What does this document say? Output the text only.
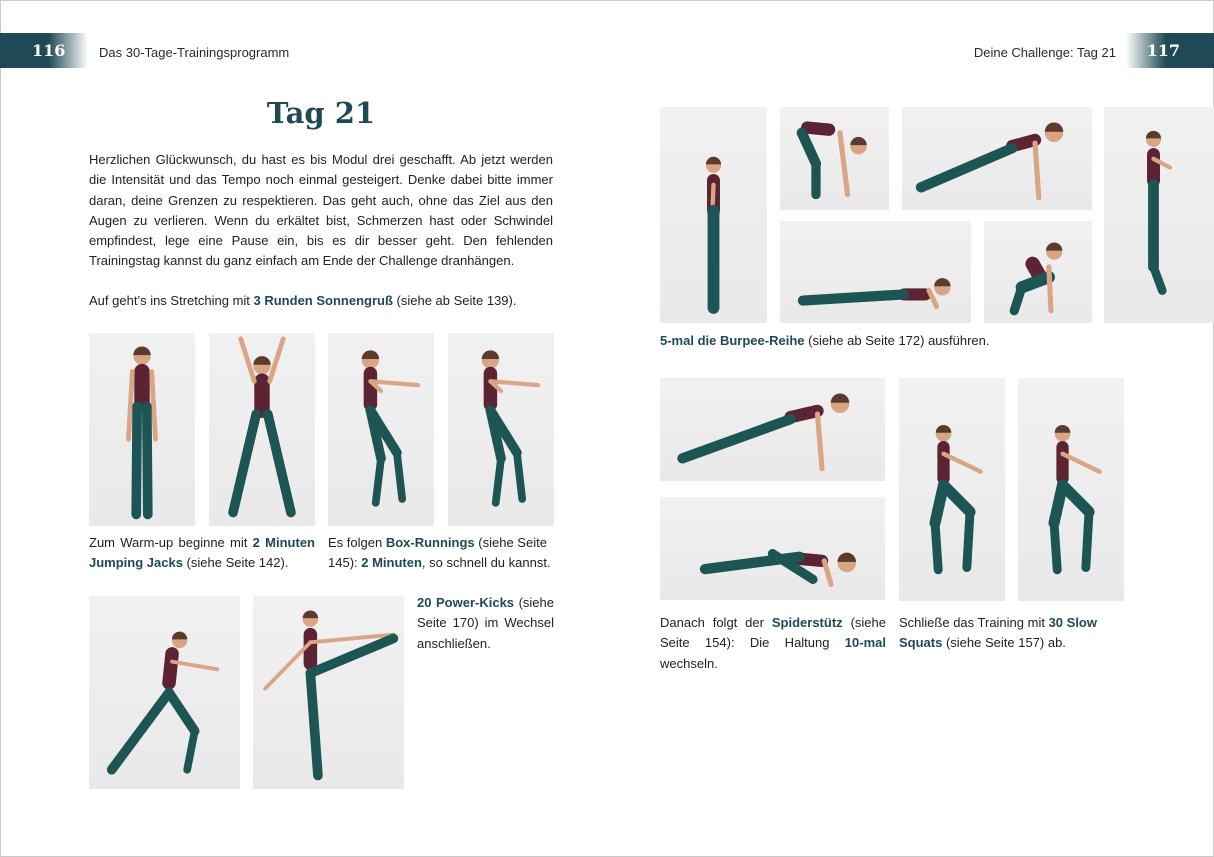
116	Das 30-Tage-Trainingsprogramm	Deine Challenge: Tag 21	117
Tag 21
Herzlichen Glückwunsch, du hast es bis Modul drei geschafft. Ab jetzt werden die Intensität und das Tempo noch einmal gesteigert. Denke dabei bitte immer daran, deine Grenzen zu respektieren. Das geht auch, ohne das Ziel aus den Augen zu verlieren. Wenn du erkältet bist, Schmerzen hast oder Schwindel empfindest, lege eine Pause ein, bis es dir besser geht. Den fehlenden Trainingstag kannst du ganz einfach am Ende der Challenge dranhängen.
Auf geht’s ins Stretching mit 3 Runden Sonnengruß (siehe ab Seite 139).
Zum Warm-up beginne mit 2 Minuten Jumping Jacks (siehe Seite 142).
Es folgen Box-Runnings (siehe Seite 145): 2 Minuten, so schnell du kannst.
20 Power-Kicks (siehe Seite 170) im Wechsel anschließen.
5-mal die Burpee-Reihe (siehe ab Seite 172) ausführen.
Danach folgt der Spiderstütz (siehe Seite 154): Die Haltung 10-mal wechseln.
Schließe das Training mit 30 Slow Squats (siehe Seite 157) ab.
